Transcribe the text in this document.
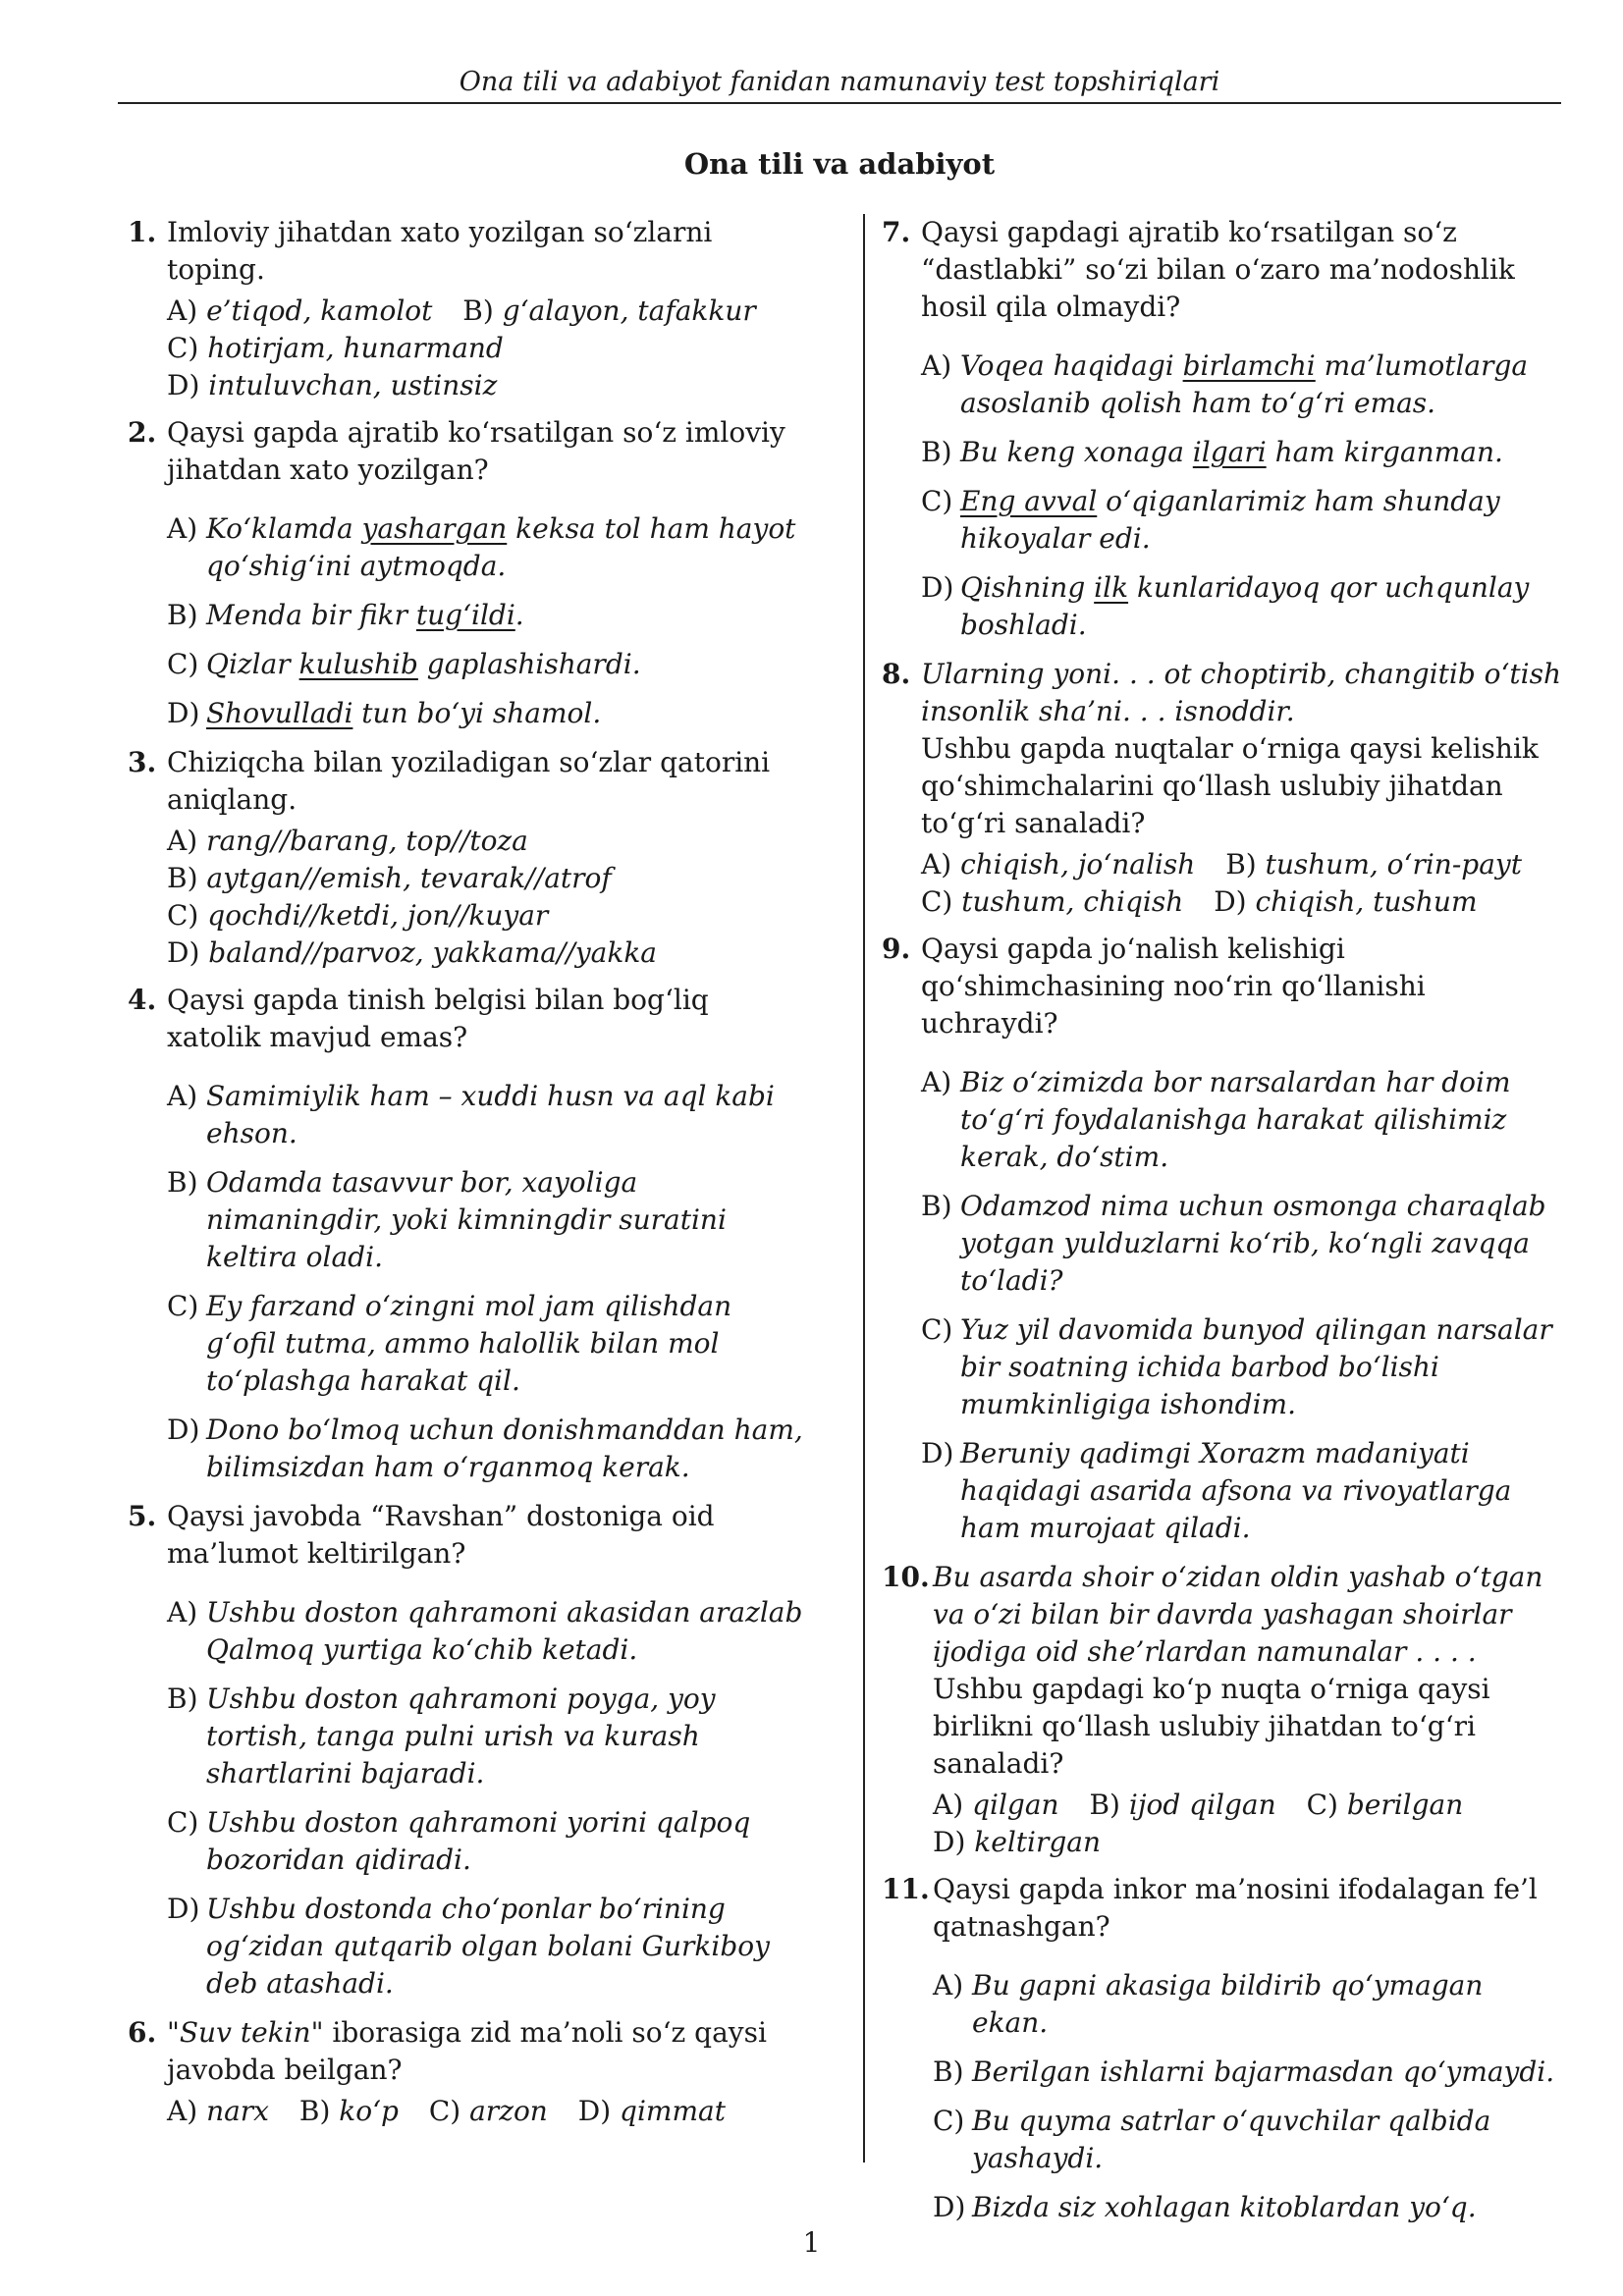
Ona tili va adabiyot fanidan namunaviy test topshiriqlari
Ona tili va adabiyot
1. Imloviy jihatdan xato yozilgan so‘zlarni toping.
A) e’tiqod, kamolot B) g‘alayon, tafakkur
C) hotirjam, hunarmand
D) intuluvchan, ustinsiz
2. Qaysi gapda ajratib ko‘rsatilgan so‘z imloviy jihatdan xato yozilgan?
A) Ko‘klamda yashargan keksa tol ham hayot qo‘shig‘ini aytmoqda.
B) Menda bir fikr tug‘ildi.
C) Qizlar kulushib gaplashishardi.
D) Shovulladi tun bo‘yi shamol.
3. Chiziqcha bilan yoziladigan so‘zlar qatorini aniqlang.
A) rang//barang, top//toza
B) aytgan//emish, tevarak//atrof
C) qochdi//ketdi, jon//kuyar
D) baland//parvoz, yakkama//yakka
4. Qaysi gapda tinish belgisi bilan bog‘liq xatolik mavjud emas?
A) Samimiylik ham – xuddi husn va aql kabi ehson.
B) Odamda tasavvur bor, xayoliga nimaningdir, yoki kimningdir suratini keltira oladi.
C) Ey farzand o‘zingni mol jam qilishdan g‘ofil tutma, ammo halollik bilan mol to‘plashga harakat qil.
D) Dono bo‘lmoq uchun donishmanddan ham, bilimsizdan ham o‘rganmoq kerak.
5. Qaysi javobda “Ravshan” dostoniga oid ma’lumot keltirilgan?
A) Ushbu doston qahramoni akasidan arazlab Qalmoq yurtiga ko‘chib ketadi.
B) Ushbu doston qahramoni poyga, yoy tortish, tanga pulni urish va kurash shartlarini bajaradi.
C) Ushbu doston qahramoni yorini qalpoq bozoridan qidiradi.
D) Ushbu dostonda cho‘ponlar bo‘rining og‘zidan qutqarib olgan bolani Gurkiboy deb atashadi.
6. "Suv tekin" iborasiga zid ma’noli so‘z qaysi javobda beilgan?
A) narx B) ko‘p C) arzon D) qimmat
7. Qaysi gapdagi ajratib ko‘rsatilgan so‘z “dastlabki” so‘zi bilan o‘zaro ma’nodoshlik hosil qila olmaydi?
A) Voqea haqidagi birlamchi ma’lumotlarga asoslanib qolish ham to‘g‘ri emas.
B) Bu keng xonaga ilgari ham kirganman.
C) Eng avval o‘qiganlarimiz ham shunday hikoyalar edi.
D) Qishning ilk kunlaridayoq qor uchqunlay boshladi.
8. Ularning yoni. . . ot choptirib, changitib o‘tish insonlik sha’ni. . . isnoddir.
Ushbu gapda nuqtalar o‘rniga qaysi kelishik qo‘shimchalarini qo‘llash uslubiy jihatdan to‘g‘ri sanaladi?
A) chiqish, jo‘nalish B) tushum, o‘rin-payt
C) tushum, chiqish D) chiqish, tushum
9. Qaysi gapda jo‘nalish kelishigi qo‘shimchasining noo‘rin qo‘llanishi uchraydi?
A) Biz o‘zimizda bor narsalardan har doim to‘g‘ri foydalanishga harakat qilishimiz kerak, do‘stim.
B) Odamzod nima uchun osmonga charaqlab yotgan yulduzlarni ko‘rib, ko‘ngli zavqqa to‘ladi?
C) Yuz yil davomida bunyod qilingan narsalar bir soatning ichida barbod bo‘lishi mumkinligiga ishondim.
D) Beruniy qadimgi Xorazm madaniyati haqidagi asarida afsona va rivoyatlarga ham murojaat qiladi.
10. Bu asarda shoir o‘zidan oldin yashab o‘tgan va o‘zi bilan bir davrda yashagan shoirlar ijodiga oid she’rlardan namunalar . . . .
Ushbu gapdagi ko‘p nuqta o‘rniga qaysi birlikni qo‘llash uslubiy jihatdan to‘g‘ri sanaladi?
A) qilgan B) ijod qilgan C) berilgan
D) keltirgan
11. Qaysi gapda inkor ma’nosini ifodalagan fe’l qatnashgan?
A) Bu gapni akasiga bildirib qo‘ymagan ekan.
B) Berilgan ishlarni bajarmasdan qo‘ymaydi.
C) Bu quyma satrlar o‘quvchilar qalbida yashaydi.
D) Bizda siz xohlagan kitoblardan yo‘q.
1
